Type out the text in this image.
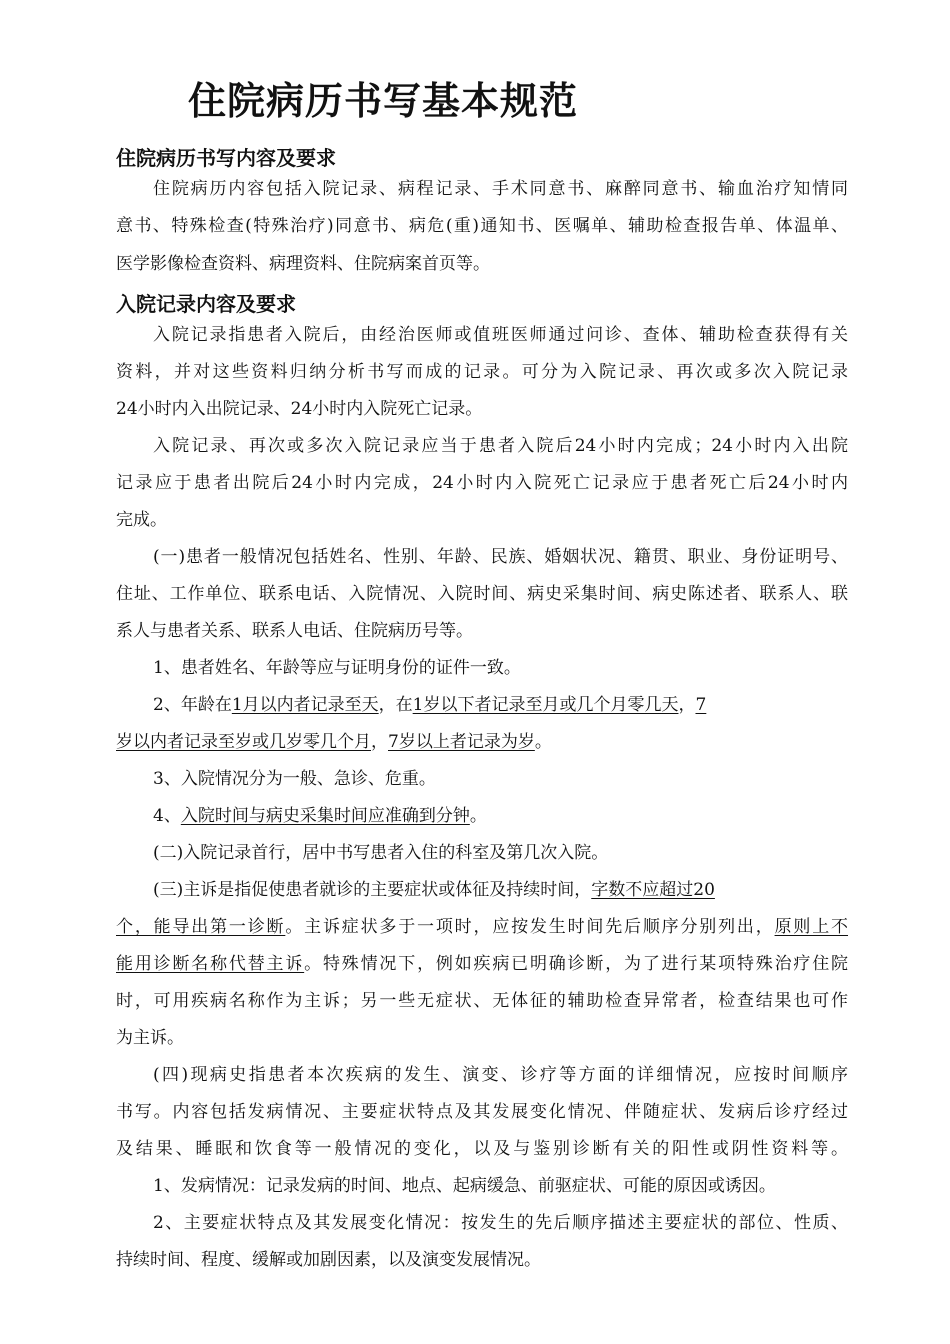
住院病历书写基本规范
住院病历书写内容及要求
住院病历内容包括入院记录、病程记录、手术同意书、麻醉同意书、输血治疗知情同
意书、特殊检查(特殊治疗)同意书、病危(重)通知书、医嘱单、辅助检查报告单、体温单、
医学影像检查资料、病理资料、住院病案首页等。
入院记录内容及要求
入院记录指患者入院后，由经治医师或值班医师通过问诊、查体、辅助检查获得有关
资料，并对这些资料归纳分析书写而成的记录。可分为入院记录、再次或多次入院记录
24小时内入出院记录、24小时内入院死亡记录。
入院记录、再次或多次入院记录应当于患者入院后24小时内完成；24小时内入出院
记录应于患者出院后24小时内完成，24小时内入院死亡记录应于患者死亡后24小时内
完成。
(一)患者一般情况包括姓名、性别、年龄、民族、婚姻状况、籍贯、职业、身份证明号、
住址、工作单位、联系电话、入院情况、入院时间、病史采集时间、病史陈述者、联系人、联
系人与患者关系、联系人电话、住院病历号等。
1、患者姓名、年龄等应与证明身份的证件一致。
2、年龄在1月以内者记录至天，在1岁以下者记录至月或几个月零几天，7
岁以内者记录至岁或几岁零几个月，7岁以上者记录为岁。
3、入院情况分为一般、急诊、危重。
4、入院时间与病史采集时间应准确到分钟。
(二)入院记录首行，居中书写患者入住的科室及第几次入院。
(三)主诉是指促使患者就诊的主要症状或体征及持续时间，字数不应超过20
个，能导出第一诊断。主诉症状多于一项时，应按发生时间先后顺序分别列出，原则上不
能用诊断名称代替主诉。特殊情况下，例如疾病已明确诊断，为了进行某项特殊治疗住院
时，可用疾病名称作为主诉；另一些无症状、无体征的辅助检查异常者，检查结果也可作
为主诉。
(四)现病史指患者本次疾病的发生、演变、诊疗等方面的详细情况，应按时间顺序
书写。内容包括发病情况、主要症状特点及其发展变化情况、伴随症状、发病后诊疗经过
及结果、睡眠和饮食等一般情况的变化，以及与鉴别诊断有关的阳性或阴性资料等。
1、发病情况：记录发病的时间、地点、起病缓急、前驱症状、可能的原因或诱因。
2、主要症状特点及其发展变化情况：按发生的先后顺序描述主要症状的部位、性质、
持续时间、程度、缓解或加剧因素，以及演变发展情况。
